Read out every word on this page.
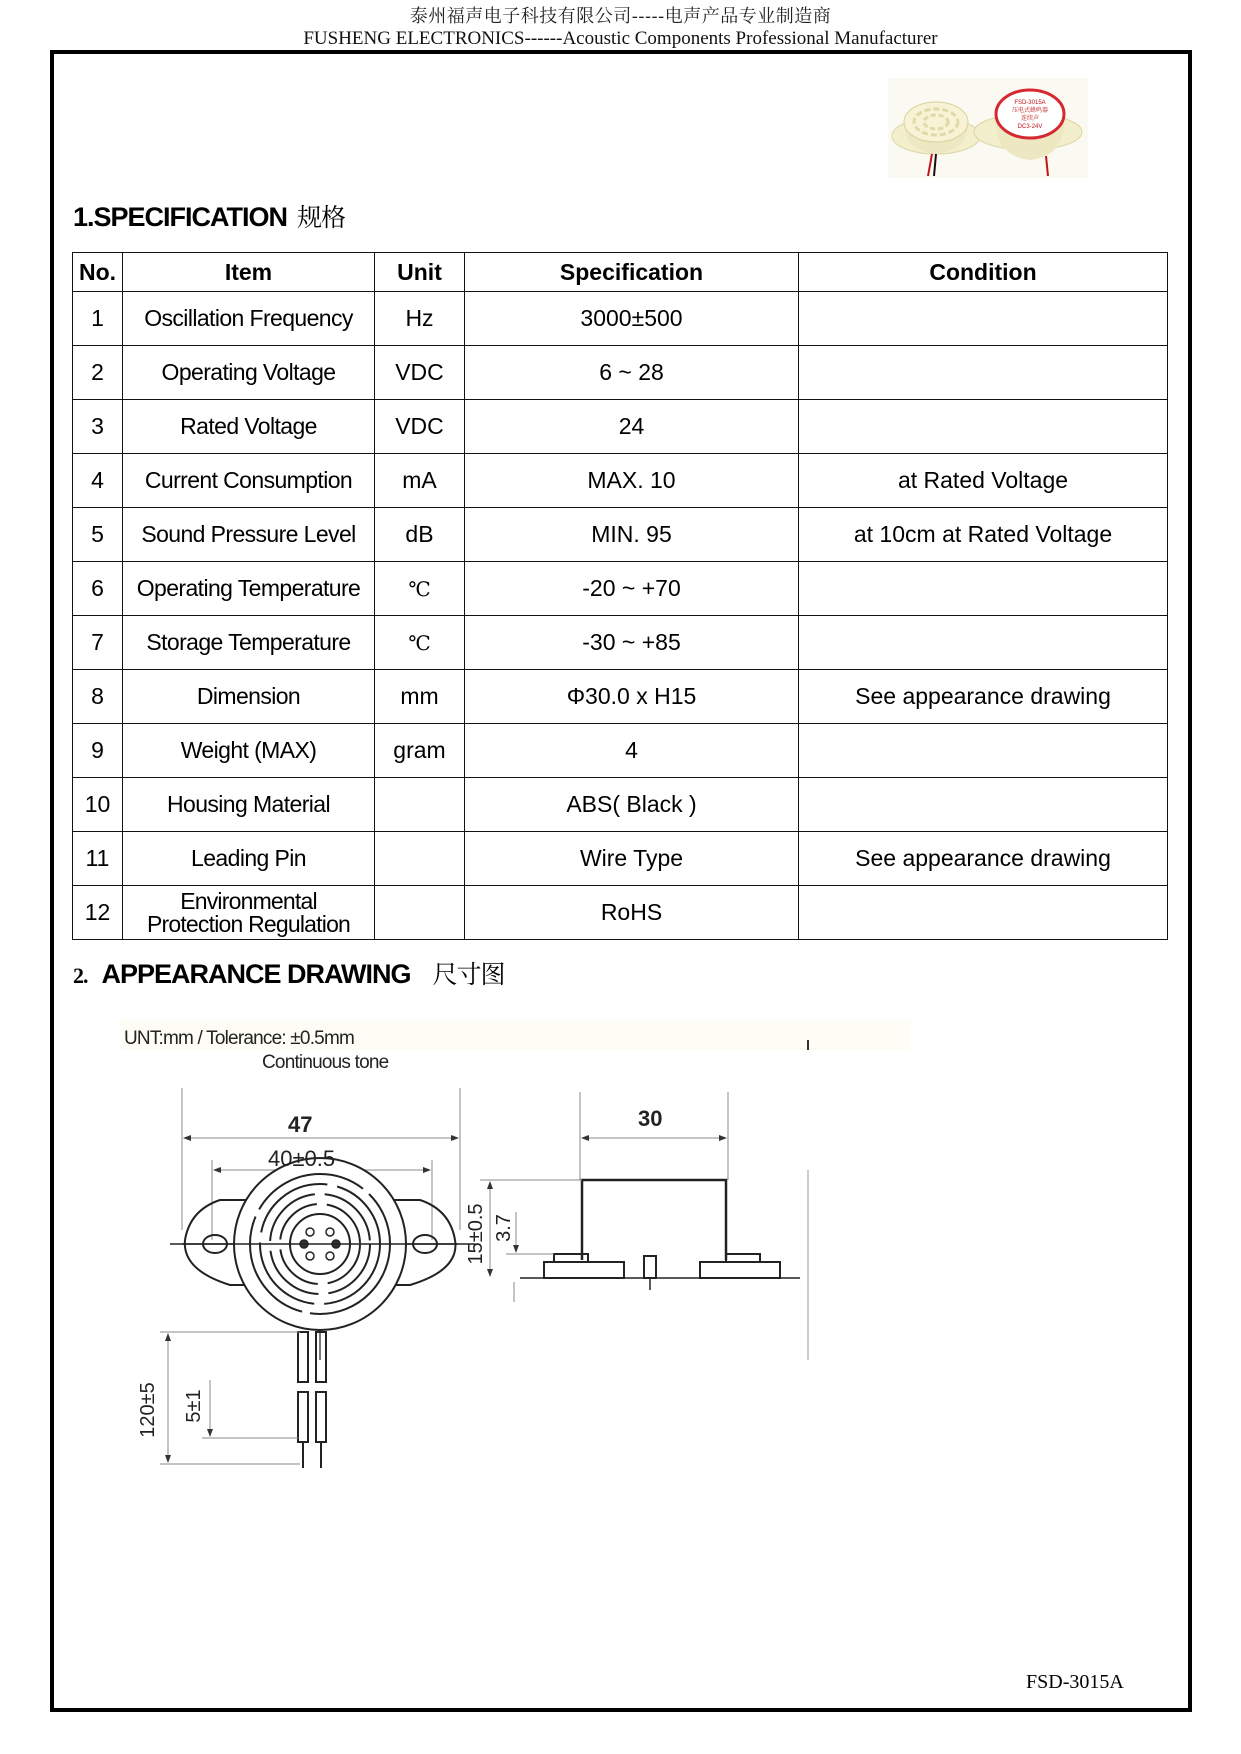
泰州福声电子科技有限公司-----电声产品专业制造商
FUSHENG ELECTRONICS------Acoustic Components Professional Manufacturer
FSD-3015A
压电式蜂鸣器
连续声
DC3-24V
1.SPECIFICATION 规格
No.	Item	Unit	Specification	Condition
1	Oscillation Frequency	Hz	3000±500	
2	Operating Voltage	VDC	6 ~ 28	
3	Rated Voltage	VDC	24	
4	Current Consumption	mA	MAX. 10	at Rated Voltage
5	Sound Pressure Level	dB	MIN. 95	at 10cm at Rated Voltage
6	Operating Temperature	℃	-20 ~ +70	
7	Storage Temperature	℃	-30 ~ +85	
8	Dimension	mm	Φ30.0 x H15	See appearance drawing
9	Weight (MAX)	gram	4	
10	Housing Material		ABS( Black )	
11	Leading Pin		Wire Type	See appearance drawing
12	Environmental
Protection Regulation		RoHS	
2. APPEARANCE DRAWING 尺寸图
UNT:mm / Tolerance: ±0.5mm
Continuous tone
47
40±0.5
120±5 5±1
30
15±0.5 3.7
FSD-3015A
